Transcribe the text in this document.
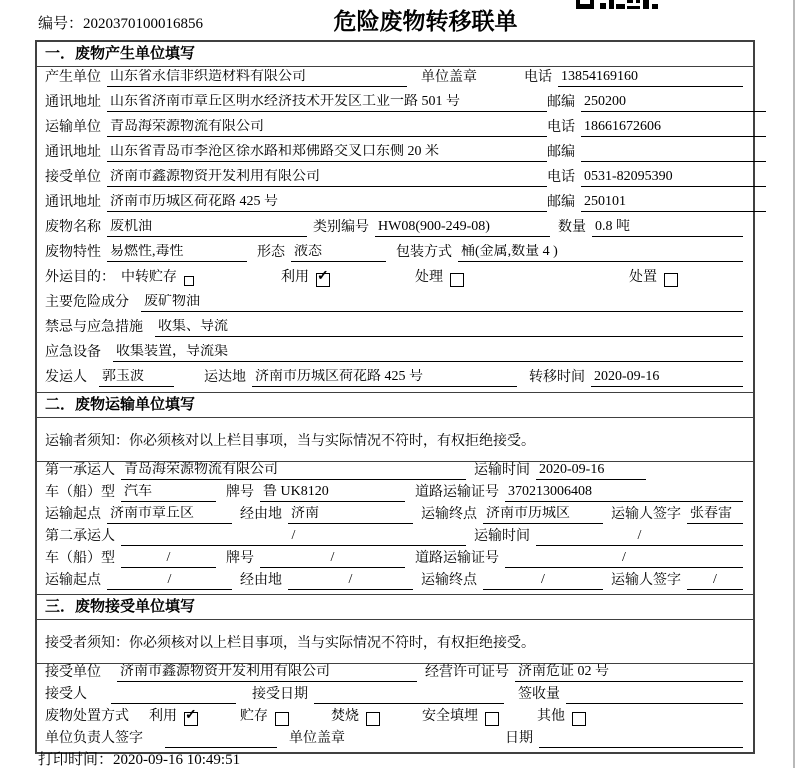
编号：2020370100016856	危险废物转移联单
一．废物产生单位填写
产生单位 山东省永信非织造材料有限公司	单位盖章	电话 13854169160
通讯地址 山东省济南市章丘区明水经济技术开发区工业一路 501 号	邮编 250200
运输单位 青岛海荣源物流有限公司	电话 18661672606
通讯地址 山东省青岛市李沧区徐水路和郑佛路交叉口东侧 20 米	邮编
接受单位 济南市鑫源物资开发利用有限公司	电话 0531-82095390
通讯地址 济南市历城区荷花路 425 号	邮编 250101
废物名称 废机油	类别编号 HW08(900-249-08)	数量 0.8 吨
废物特性 易燃性,毒性	形态 液态	包装方式 桶(金属,数量 4 )
外运目的： 中转贮存	利用 ✓	处理	处置
主要危险成分 废矿物油
禁忌与应急措施 收集、导流
应急设备 收集装置，导流渠
发运人 郭玉波	运达地 济南市历城区荷花路 425 号	转移时间 2020-09-16
二．废物运输单位填写
运输者须知：你必须核对以上栏目事项，当与实际情况不符时，有权拒绝接受。
第一承运人 青岛海荣源物流有限公司	运输时间 2020-09-16
车（船）型 汽车	牌号 鲁 UK8120	道路运输证号 370213006408
运输起点 济南市章丘区	经由地 济南	运输终点 济南市历城区	运输人签字 张春雷
第二承运人	/	运输时间	/
车（船）型	/	牌号	/	道路运输证号	/
运输起点	/	经由地	/	运输终点	/	运输人签字	/
三．废物接受单位填写
接受者须知：你必须核对以上栏目事项，当与实际情况不符时，有权拒绝接受。
接受单位 济南市鑫源物资开发利用有限公司	经营许可证号 济南危证 02 号
接受人	接受日期	签收量
废物处置方式 利用 ✓	贮存	焚烧	安全填埋	其他
单位负责人签字	单位盖章	日期
打印时间：2020-09-16 10:49:51
